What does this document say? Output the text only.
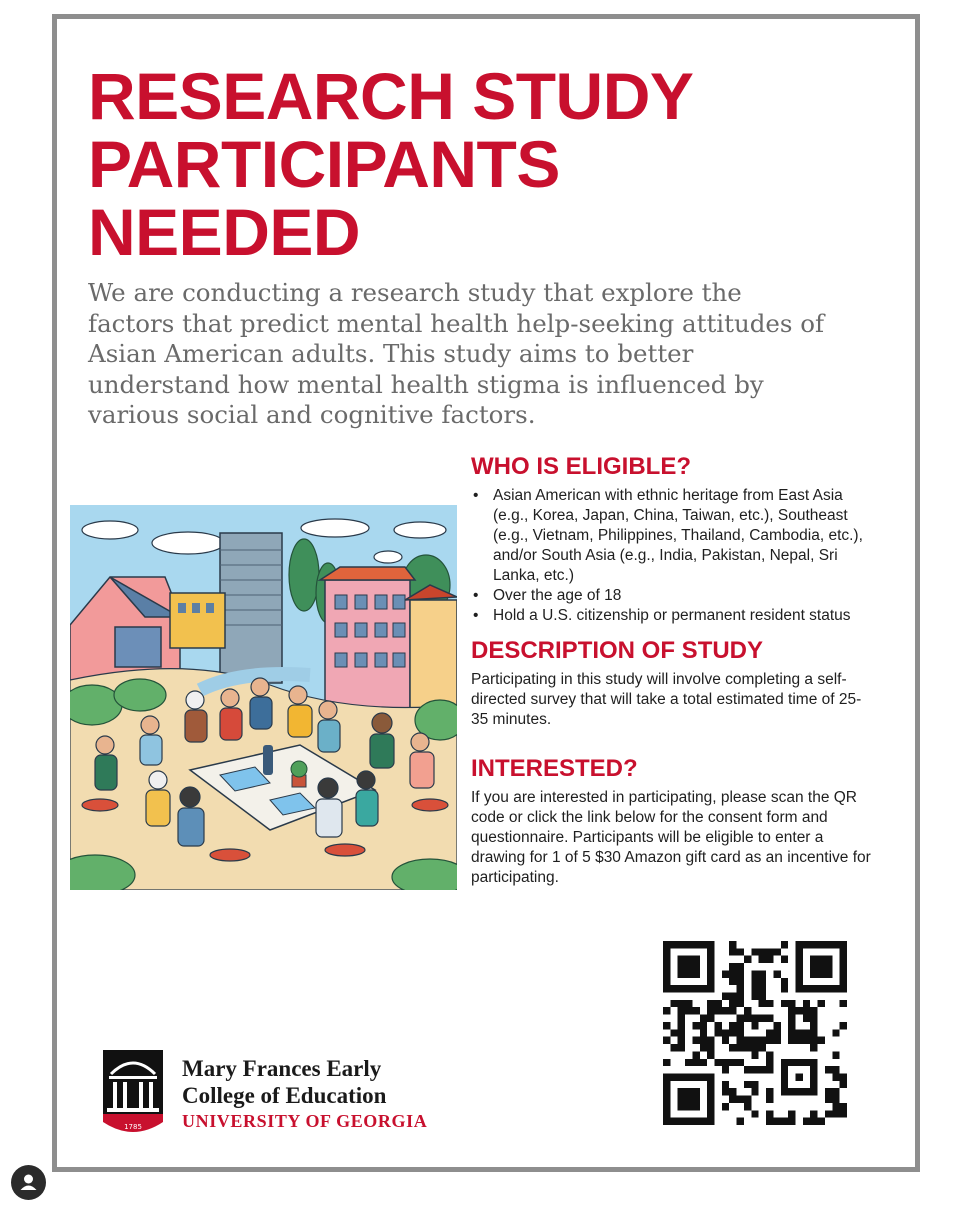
RESEARCH STUDY
PARTICIPANTS
NEEDED

We are conducting a research study that explore the factors that predict mental health help-seeking attitudes of Asian American adults. This study aims to better understand how mental health stigma is influenced by various social and cognitive factors.

WHO IS ELIGIBLE?
• Asian American with ethnic heritage from East Asia (e.g., Korea, Japan, China, Taiwan, etc.), Southeast (e.g., Vietnam, Philippines, Thailand, Cambodia, etc.), and/or South Asia (e.g., India, Pakistan, Nepal, Sri Lanka, etc.)
• Over the age of 18
• Hold a U.S. citizenship or permanent resident status
DESCRIPTION OF STUDY

Participating in this study will involve completing a self-directed survey that will take a total estimated time of 25-35 minutes.

INTERESTED?

If you are interested in participating, please scan the QR code or click the link below for the consent form and questionnaire. Participants will be eligible to enter a drawing for 1 of 5 $30 Amazon gift card as an incentive for participating.

1785
Mary Frances Early
College of Education
UNIVERSITY OF GEORGIA
